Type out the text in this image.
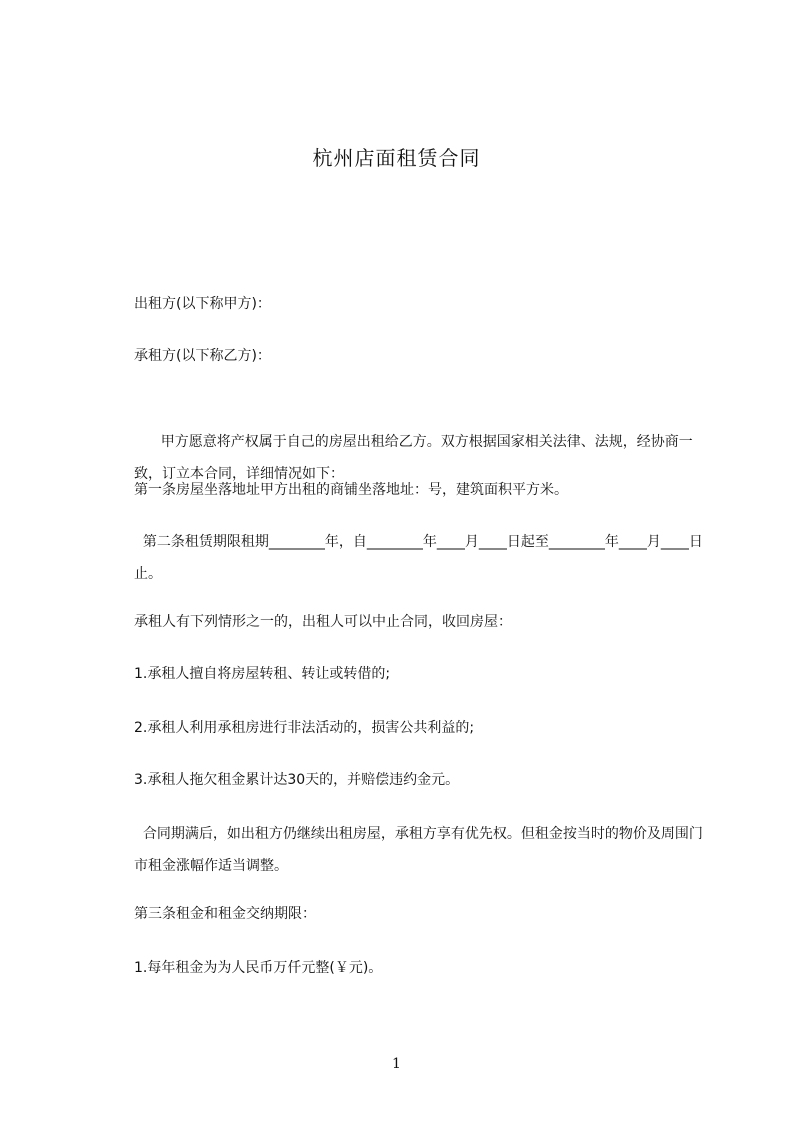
杭州店面租赁合同
出租方(以下称甲方)：
承租方(以下称乙方)：

甲方愿意将产权属于自己的房屋出租给乙方。双方根据国家相关法律、法规，经协商一致，订立本合同，详细情况如下：

第一条房屋坐落地址甲方出租的商铺坐落地址：号，建筑面积平方米。
第二条租赁期限租期________年，自________年____月____日起至________年____月____日止。
承租人有下列情形之一的，出租人可以中止合同，收回房屋：
1.承租人擅自将房屋转租、转让或转借的;
2.承租人利用承租房进行非法活动的，损害公共利益的;
3.承租人拖欠租金累计达30天的，并赔偿违约金元。
合同期满后，如出租方仍继续出租房屋，承租方享有优先权。但租金按当时的物价及周围门市租金涨幅作适当调整。
第三条租金和租金交纳期限：
1.每年租金为为人民币万仟元整(￥元)。
1
